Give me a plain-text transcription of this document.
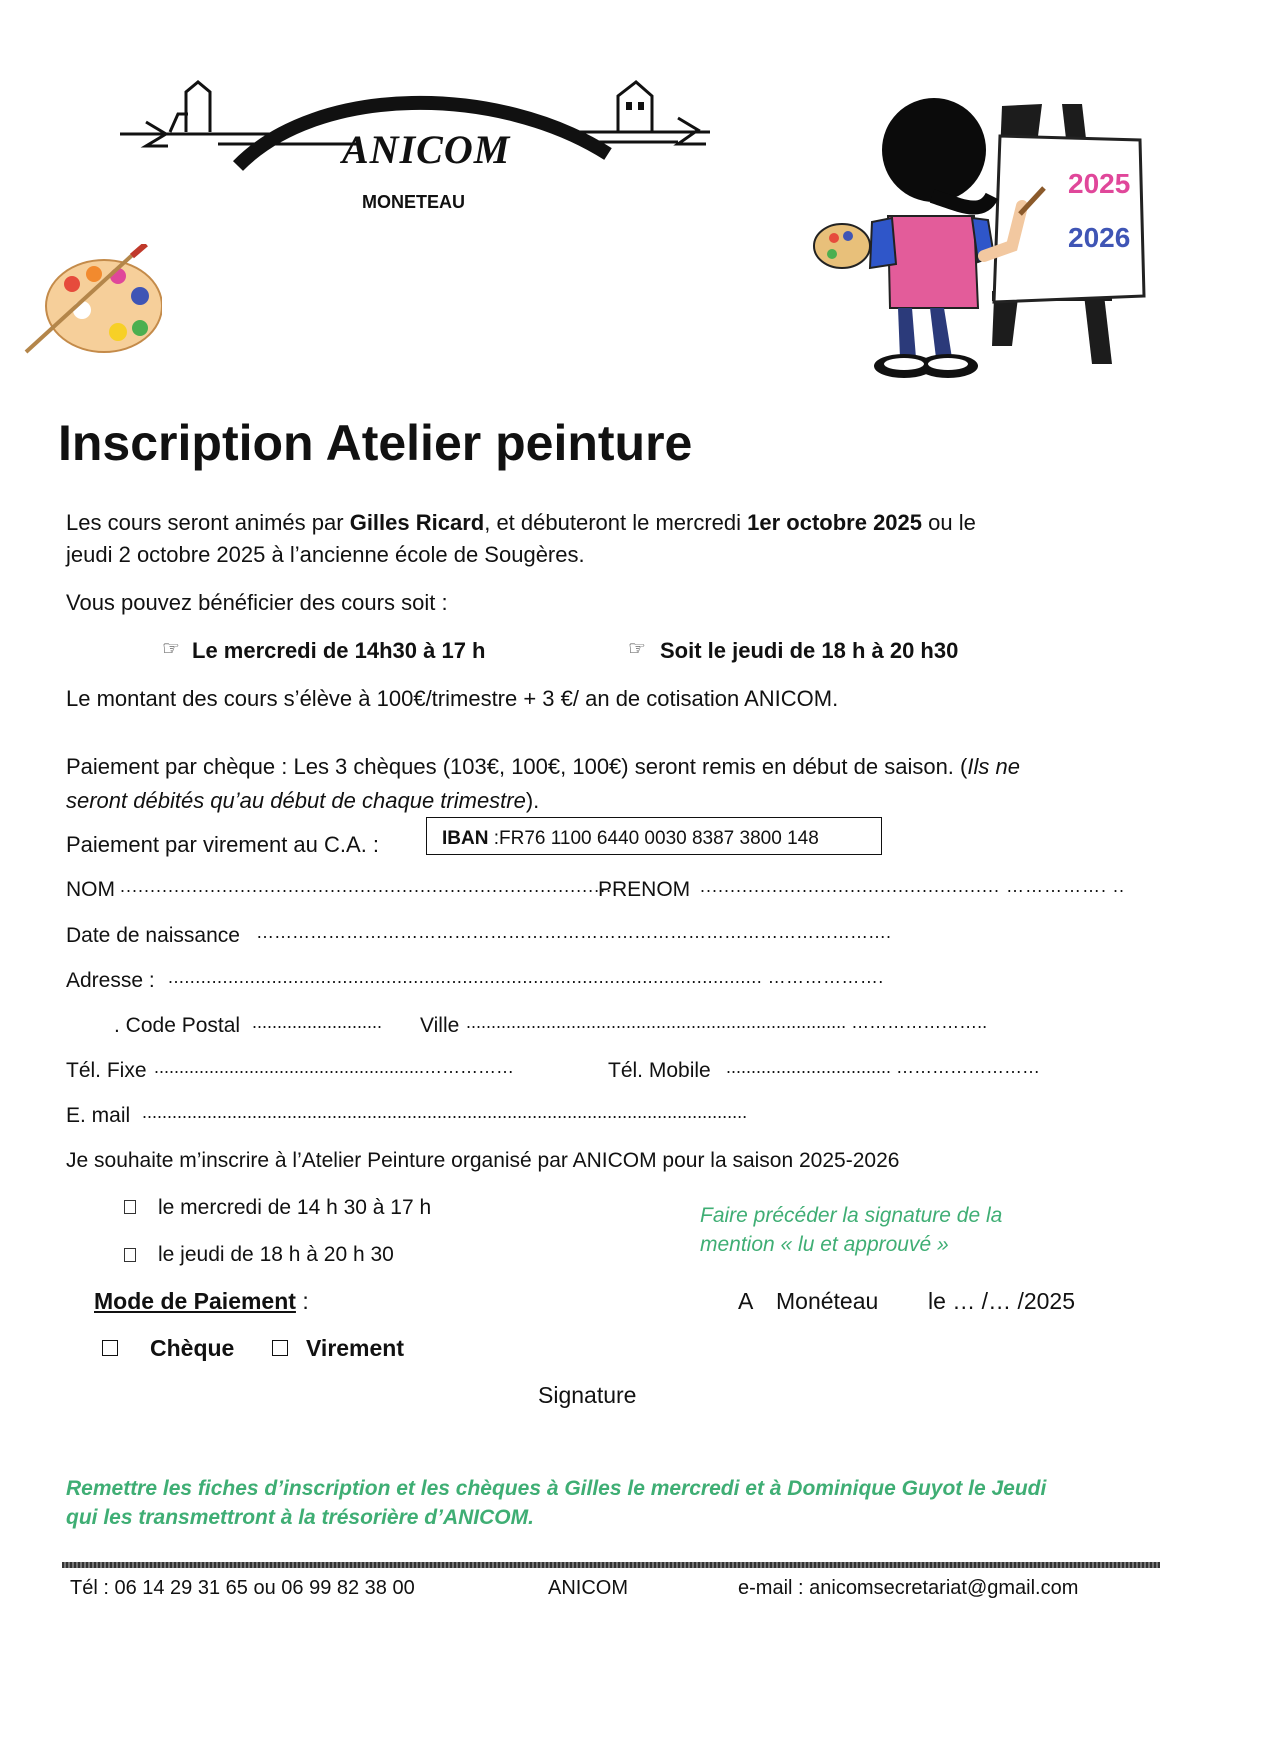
ANICOM
MONETEAU
2025
2026
Inscription Atelier peinture
Les cours seront animés par Gilles Ricard, et débuteront le mercredi 1er octobre 2025 ou le
jeudi 2 octobre 2025 à l’ancienne école de Sougères.
Vous pouvez bénéficier des cours soit :
☞ Le mercredi de 14h30 à 17 h	☞ Soit le jeudi de 18 h à 20 h30
Le montant des cours s’élève à 100€/trimestre + 3 €/ an de cotisation ANICOM.
Paiement par chèque : Les 3 chèques (103€, 100€, 100€) seront remis en début de saison. (Ils ne
seront débités qu’au début de chaque trimestre).
Paiement par virement au C.A. :	IBAN :FR76 1100 6440 0030 8387 3800 148
NOM ...................................................................................
PRENOM .................................................. ……………. ..
Date de naissance …………………………………………………………………………………………….
Adresse : ............................................................................................................. ……………….
. Code Postal .......................... Ville ............................................................................ …………………..
Tél. Fixe ......................................................……………	Tél. Mobile ................................. ……………………
E. mail .........................................................................................................................
Je souhaite m’inscrire à l’Atelier Peinture organisé par ANICOM pour la saison 2025-2026
le mercredi de 14 h 30 à 17 h
le jeudi de 18 h à 20 h 30
Faire précéder la signature de la
mention « lu et approuvé »
Mode de Paiement :	A Monéteau le … /… /2025
Chèque	Virement
Signature
Remettre les fiches d’inscription et les chèques à Gilles le mercredi et à Dominique Guyot le Jeudi
qui les transmettront à la trésorière d’ANICOM.
Tél : 06 14 29 31 65 ou 06 99 82 38 00	ANICOM	e-mail : anicomsecretariat@gmail.com
